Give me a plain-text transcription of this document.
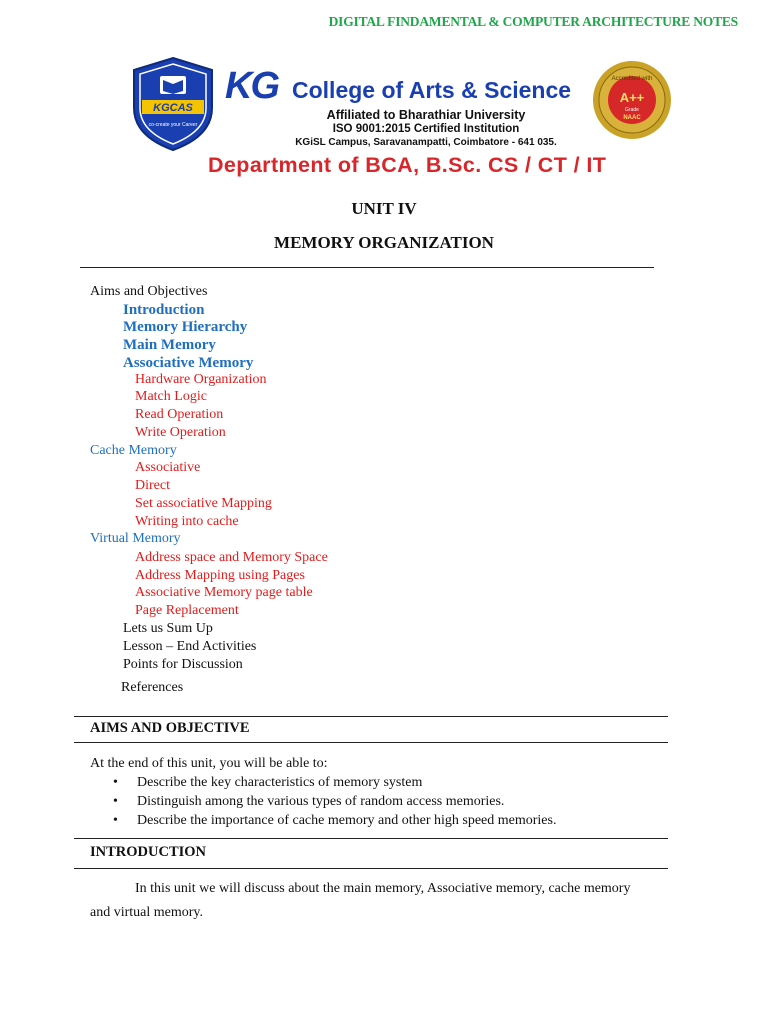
DIGITAL FINDAMENTAL & COMPUTER ARCHITECTURE NOTES
KGCAS
co-create your Career
KG College of Arts & Science
Affiliated to Bharathiar University
ISO 9001:2015 Certified Institution
KGiSL Campus, Saravanampatti, Coimbatore - 641 035.
Department of BCA, B.Sc. CS / CT / IT
Accredited with
A++
Grade
NAAC
UNIT IV
MEMORY ORGANIZATION
Aims and Objectives
Introduction
Memory Hierarchy
Main Memory
Associative Memory
Hardware Organization
Match Logic
Read Operation
Write Operation
Cache Memory
Associative
Direct
Set associative Mapping
Writing into cache
Virtual Memory
Address space and Memory Space
Address Mapping using Pages
Associative Memory page table
Page Replacement
Lets us Sum Up
Lesson – End Activities
Points for Discussion
References
AIMS AND OBJECTIVE
At the end of this unit, you will be able to:
• Describe the key characteristics of memory system
• Distinguish among the various types of random access memories.
• Describe the importance of cache memory and other high speed memories.
INTRODUCTION
In this unit we will discuss about the main memory, Associative memory, cache memory
and virtual memory.
